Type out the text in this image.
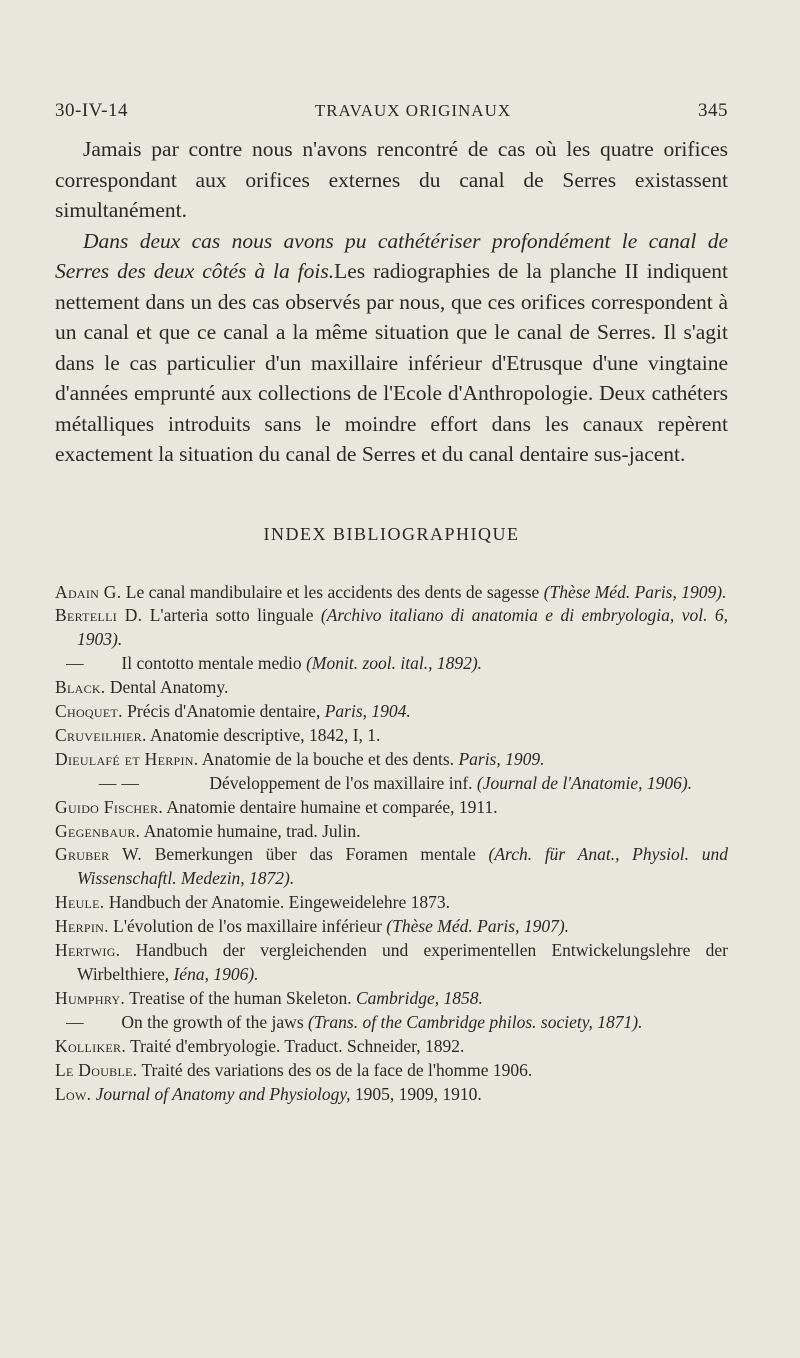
30-IV-14	TRAVAUX ORIGINAUX	345

Jamais par contre nous n'avons rencontré de cas où les quatre orifices correspondant aux orifices externes du canal de Serres existassent simultanément.

Dans deux cas nous avons pu cathétériser profondément le canal de Serres des deux côtés à la fois.Les radiographies de la planche II indiquent nettement dans un des cas observés par nous, que ces orifices correspondent à un canal et que ce canal a la même situation que le canal de Serres. Il s'agit dans le cas particulier d'un maxillaire inférieur d'Etrusque d'une vingtaine d'années emprunté aux collections de l'Ecole d'Anthropologie. Deux cathéters métalliques introduits sans le moindre effort dans les canaux repèrent exactement la situation du canal de Serres et du canal dentaire sus-jacent.

INDEX BIBLIOGRAPHIQUE
Adain G. Le canal mandibulaire et les accidents des dents de sagesse (Thèse Méd. Paris, 1909).
Bertelli D. L'arteria sotto linguale (Archivo italiano di anatomia e di embryologia, vol. 6, 1903).
— Il contotto mentale medio (Monit. zool. ital., 1892).
Black. Dental Anatomy.
Choquet. Précis d'Anatomie dentaire, Paris, 1904.
Cruveilhier. Anatomie descriptive, 1842, I, 1.
Dieulafé et Herpin. Anatomie de la bouche et des dents. Paris, 1909.
— —	Développement de l'os maxillaire inf. (Journal de l'Anatomie, 1906).
Guido Fischer. Anatomie dentaire humaine et comparée, 1911.
Gegenbaur. Anatomie humaine, trad. Julin.
Gruber W. Bemerkungen über das Foramen mentale (Arch. für Anat., Physiol. und Wissenschaftl. Medezin, 1872).
Heule. Handbuch der Anatomie. Eingeweidelehre 1873.
Herpin. L'évolution de l'os maxillaire inférieur (Thèse Méd. Paris, 1907).
Hertwig. Handbuch der vergleichenden und experimentellen Entwickelungslehre der Wirbelthiere, Iéna, 1906).
Humphry. Treatise of the human Skeleton. Cambridge, 1858.
— On the growth of the jaws (Trans. of the Cambridge philos. society, 1871).
Kolliker. Traité d'embryologie. Traduct. Schneider, 1892.
Le Double. Traité des variations des os de la face de l'homme 1906.
Low. Journal of Anatomy and Physiology, 1905, 1909, 1910.
